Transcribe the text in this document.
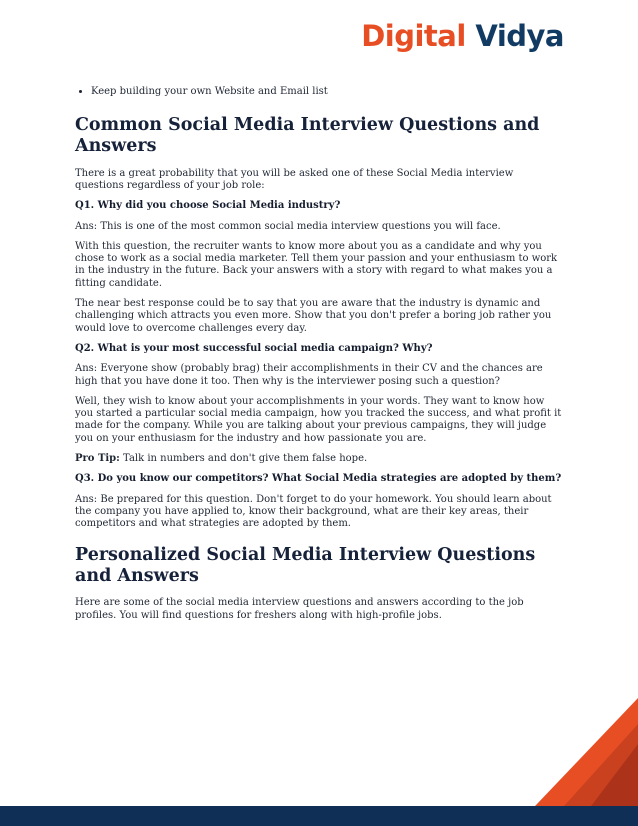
Digital Vidya
• Keep building your own Website and Email list
Common Social Media Interview Questions and Answers

There is a great probability that you will be asked one of these Social Media interview questions regardless of your job role:

Q1. Why did you choose Social Media industry?

Ans: This is one of the most common social media interview questions you will face.

With this question, the recruiter wants to know more about you as a candidate and why you chose to work as a social media marketer. Tell them your passion and your enthusiasm to work in the industry in the future. Back your answers with a story with regard to what makes you a fitting candidate.

The near best response could be to say that you are aware that the industry is dynamic and challenging which attracts you even more. Show that you don't prefer a boring job rather you would love to overcome challenges every day.

Q2. What is your most successful social media campaign? Why?

Ans: Everyone show (probably brag) their accomplishments in their CV and the chances are high that you have done it too. Then why is the interviewer posing such a question?

Well, they wish to know about your accomplishments in your words. They want to know how you started a particular social media campaign, how you tracked the success, and what profit it made for the company. While you are talking about your previous campaigns, they will judge you on your enthusiasm for the industry and how passionate you are.

Pro Tip: Talk in numbers and don't give them false hope.

Q3. Do you know our competitors? What Social Media strategies are adopted by them?

Ans: Be prepared for this question. Don't forget to do your homework. You should learn about the company you have applied to, know their background, what are their key areas, their competitors and what strategies are adopted by them.

Personalized Social Media Interview Questions and Answers

Here are some of the social media interview questions and answers according to the job profiles. You will find questions for freshers along with high-profile jobs.
